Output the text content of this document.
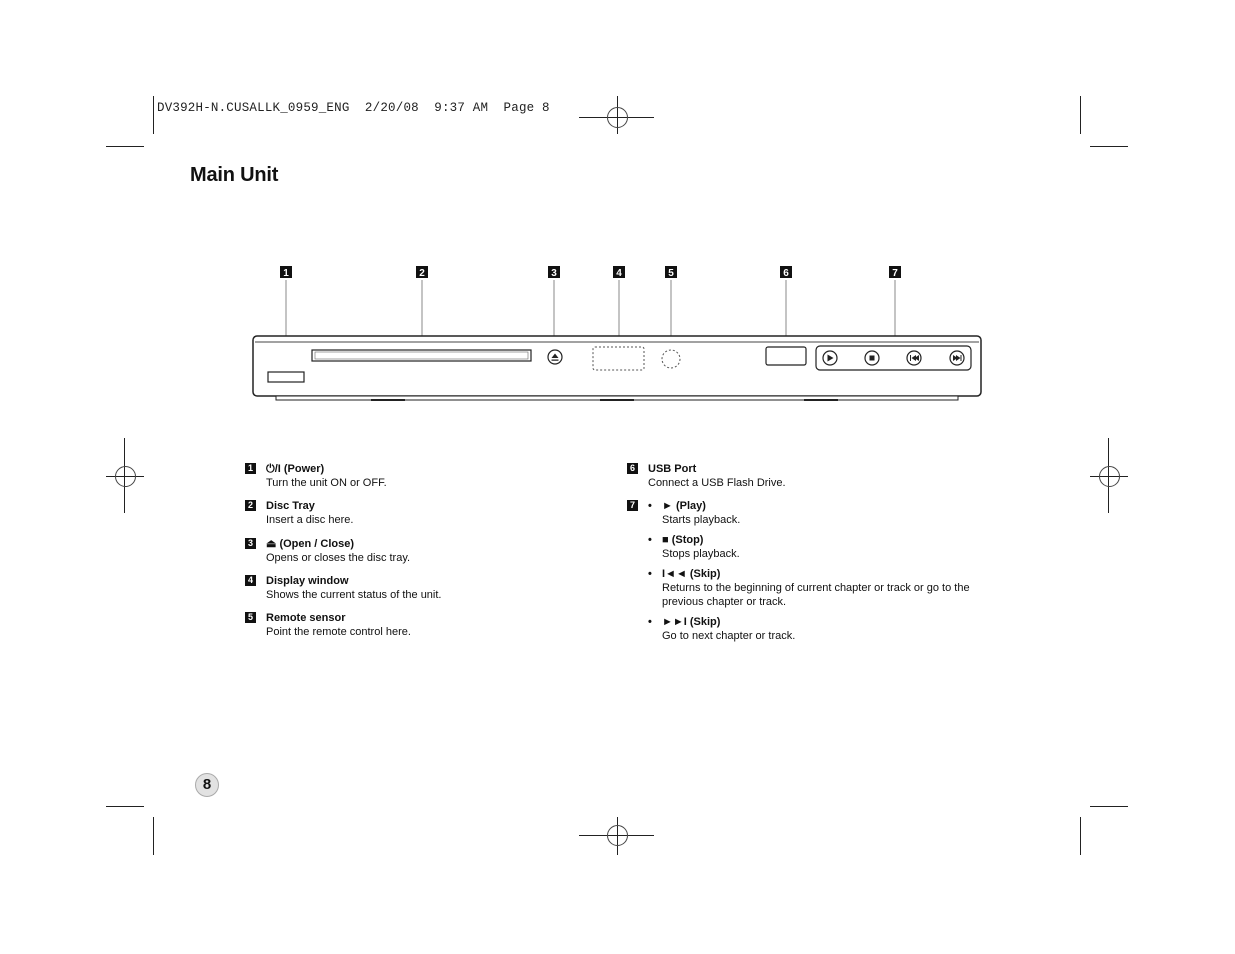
DV392H-N.CUSALLK_0959_ENG  2/20/08  9:37 AM  Page 8
Main Unit
1	2	3	4	5	6	7
1 ⏻/I (Power)
Turn the unit ON or OFF.
2 Disc Tray
Insert a disc here.
3 ⏏ (Open / Close)
Opens or closes the disc tray.
4 Display window
Shows the current status of the unit.
5 Remote sensor
Point the remote control here.
6 USB Port
Connect a USB Flash Drive.
7 • ► (Play)
Starts playback.
• ■ (Stop)
Stops playback.
• I◄◄ (Skip)
Returns to the beginning of current chapter or track or go to the previous chapter or track.
• ►►I (Skip)
Go to next chapter or track.
8
